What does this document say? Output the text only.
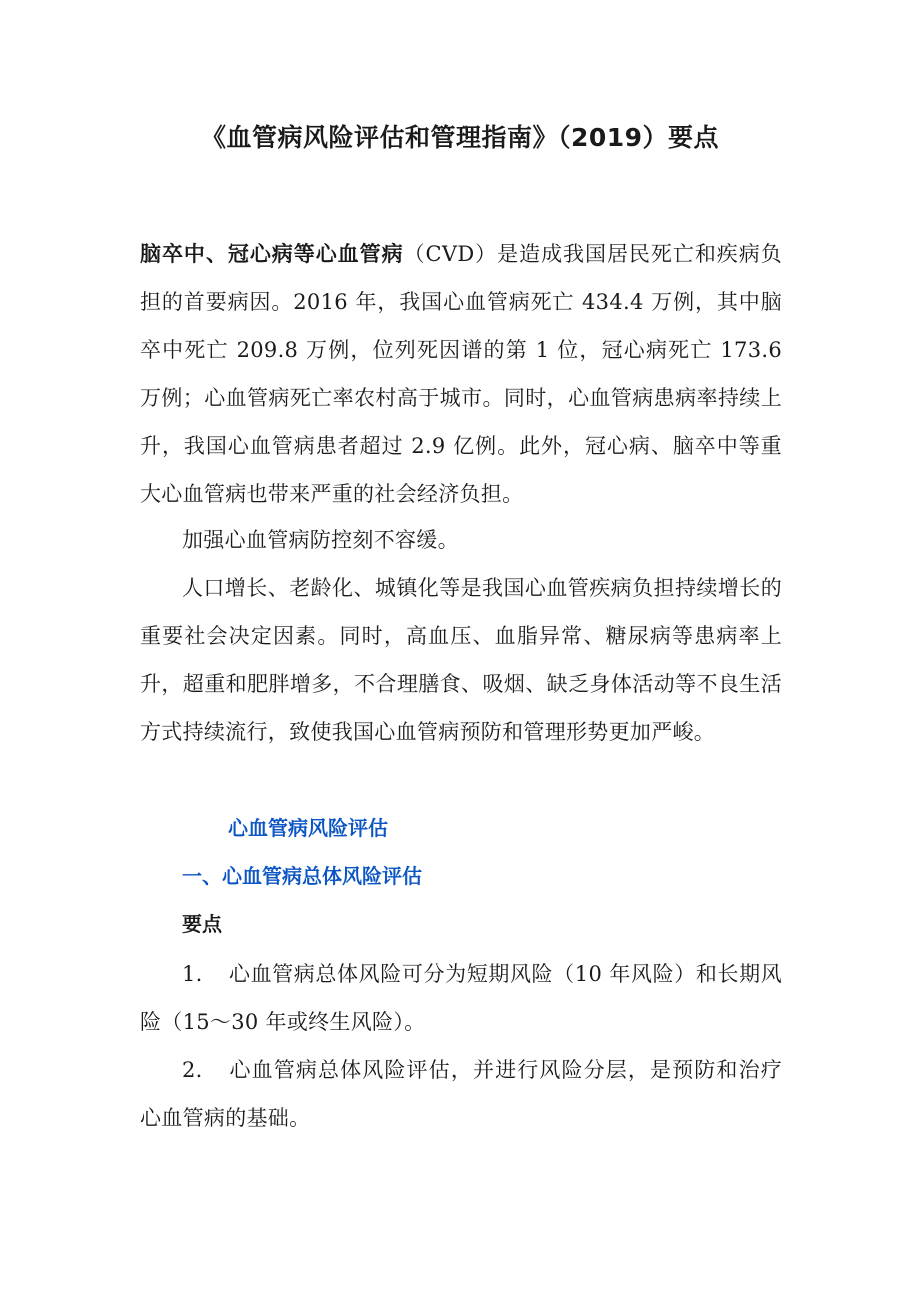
《血管病风险评估和管理指南》（2019）要点

脑卒中、冠心病等心血管病（CVD）是造成我国居民死亡和疾病负担的首要病因。2016 年，我国心血管病死亡 434.4 万例，其中脑卒中死亡 209.8 万例，位列死因谱的第 1 位，冠心病死亡 173.6 万例；心血管病死亡率农村高于城市。同时，心血管病患病率持续上升，我国心血管病患者超过 2.9 亿例。此外，冠心病、脑卒中等重大心血管病也带来严重的社会经济负担。

加强心血管病防控刻不容缓。

人口增长、老龄化、城镇化等是我国心血管疾病负担持续增长的重要社会决定因素。同时，高血压、血脂异常、糖尿病等患病率上升，超重和肥胖增多，不合理膳食、吸烟、缺乏身体活动等不良生活方式持续流行，致使我国心血管病预防和管理形势更加严峻。

心血管病风险评估
一、心血管病总体风险评估
要点

1. 心血管病总体风险可分为短期风险（10 年风险）和长期风险（15～30 年或终生风险）。

2. 心血管病总体风险评估，并进行风险分层，是预防和治疗心血管病的基础。
